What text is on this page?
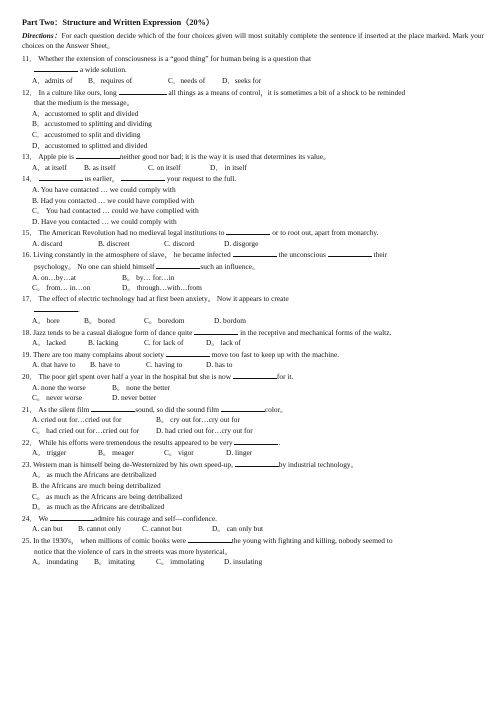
Part Two：Structure and Written Expression（20%）
Directions：For each question decide which of the four choices given will most suitably complete the sentence if inserted at the place marked. Mark your choices on the Answer Sheet。
11． Whether the extension of consciousness is a “good thing” for human being is a question that
a wide solution.
A．admits of B．requires of	C．needs of D．seeks for
12． In a culture like ours, long	all things as a means of control，it is sometimes a bit of a shock to be reminded
that the medium is the message。
A．accustomed to split and divided
B．accustomed to splitting and dividing
C．accustomed to split and dividing
D．accustomed to splitted and divided
13． Apple pie is	neither good nor bad; it is the way it is used that determines its value。
A．at itself B. as itself	C. on itself	D． in itself
14．	us earlier，	your request to the full.
A. You have contacted … we could comply with
B. Had you contacted … we could have complied with
C． You had contacted … could we have complied with
D. Have you contacted … we could comply with
15． The American Revolution had no medieval legal institutions to	or to root out, apart from monarchy.
A. discard	B. discreet	C. discord	D. disgorge
16. Living constantly in the atmosphere of slave， he became infected	the unconscious	their
psychology。 No one can shield himself	such an influence。
A. on…by…at	B。 by… for…in
C。 from… in…on	D。 through…with…from
17． The effect of electric technology had at first been anxiety。 Now it appears to create
.
A。 bore	B。 bored	C。 boredom	D. bordom
18. Jazz tends to be a casual dialogue form of dance quite	in the receptive and mechanical forms of the waltz.
A。 lacked	B. lacking	C. for lack of	D。 lack of
19. There are too many complains about society	move too fast to keep up with the machine.
A. that have to B. have to	C. having to	D. has to
20． The poor girl spent over half a year in the hospital but she is now	for it.
A. none the worse	B。 none the better
C。 never worse	D. never better
21． As the silent film	sound, so did the sound film	color。
A. cried out for…cried out for	B。 cry out for…cry out for
C。 had cried out for…cried out for D. had cried out for…cry out for
22． While his efforts were tremendous the results appeared to be very	.
A。 trigger	B。 meager	C。 vigor	D. linger
23. Western man is himself being de-Westernized by his own speed-up,	by industrial technology。
A。 as much the Africans are detribalized
B. the Africans are much being detribalized
C。 as much as the Africans are being detribalized
D。 as much as the Africans are detribalized
24． We	admire his courage and self—confidence.
A. can but B. cannot only	C. cannot but	D。 can only but
25. In the 1930's， when millions of comic books were	the young with fighting and killing, nobody seemed to
notice that the violence of cars in the streets was more hysterical。
A。 inundating B。 imitating	C。 immolating	D. insulating
